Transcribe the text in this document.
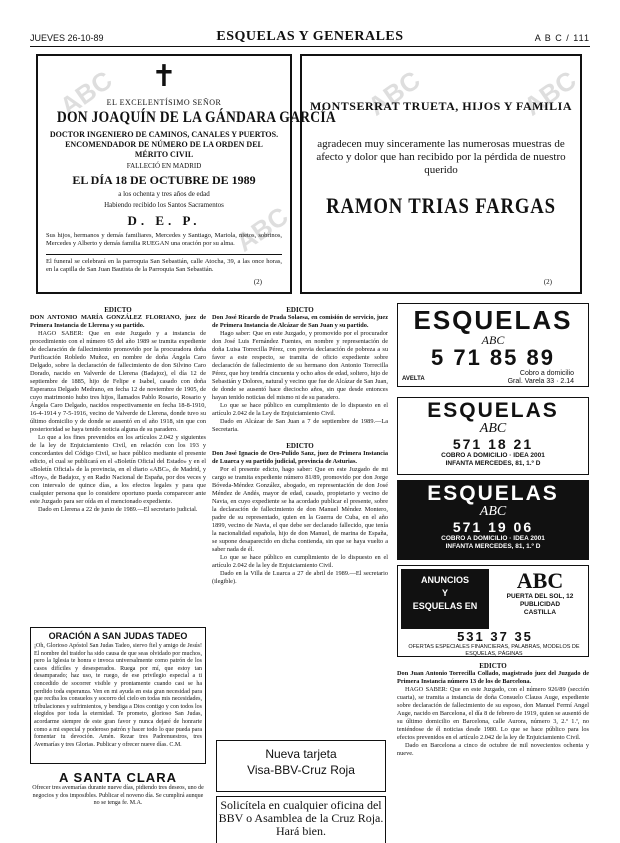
JUEVES 26-10-89	ESQUELAS Y GENERALES	A B C / 111
✝
EL EXCELENTÍSIMO SEÑOR
DON JOAQUÍN DE LA GÁNDARA GARCÍA
DOCTOR INGENIERO DE CAMINOS, CANALES Y PUERTOS. ENCOMENDADOR DE NÚMERO DE LA ORDEN DEL MÉRITO CIVIL
FALLECIÓ EN MADRID
EL DÍA 18 DE OCTUBRE DE 1989
a los ochenta y tres años de edad
Habiendo recibido los Santos Sacramentos
D. E. P.
Sus hijos, hermanos y demás familiares, Mercedes y Santiago, Mariola, nietos, sobrinos, Mercedes y Alberto y demás familia RUEGAN una oración por su alma.
El funeral se celebrará en la parroquia San Sebastián, calle Atocha, 39, a las once horas, en la capilla de San Juan Bautista de la Parroquia San Sebastián.
(2)
ABC
ABC
MONTSERRAT TRUETA, HIJOS Y FAMILIA
agradecen muy sinceramente las numerosas muestras de afecto y dolor que han recibido por la pérdida de nuestro querido
RAMON TRIAS FARGAS
(2)
ABC	ABC
EDICTO
DON ANTONIO MARÍA GONZÁLEZ FLORIANO, juez de Primera Instancia de Llerena y su partido.

HAGO SABER: Que en este Juzgado y a instancia de procedimiento con el número 65 del año 1989 se tramita expediente de declaración de fallecimiento promovido por la procuradora doña Purificación Robledo Muñoz, en nombre de doña Ángela Caro Delgado, sobre la declaración de fallecimiento de don Silvino Caro Dorado, nacido en Valverde de Llerena (Badajoz), el día 12 de septiembre de 1885, hijo de Felipe e Isabel, casado con doña Esperanza Delgado Medrano, en fecha 12 de noviembre de 1905, de cuyo matrimonio hubo tres hijos, llamados Pablo Rosario, Rosario y Ángela Caro Delgado, nacidos respectivamente en fecha 18-8-1910, 16-4-1914 y 7-5-1916, vecino de Valverde de Llerena, donde tuvo su último domicilio y de donde se ausentó en el año 1918, sin que con posterioridad se haya tenido noticia alguna de su paradero.

Lo que a los fines prevenidos en los artículos 2.042 y siguientes de la ley de Enjuiciamiento Civil, en relación con los 193 y concordantes del Código Civil, se hace público mediante el presente edicto, el cual se publicará en el «Boletín Oficial del Estado» y en el «Boletín Oficial» de la provincia, en el diario «ABC», de Madrid, y «Hoy», de Badajoz, y en Radio Nacional de España, por dos veces y con intervalo de quince días, a los efectos legales y para que cualquier persona que lo considere oportuno pueda comparecer ante este Juzgado para ser oída en el mencionado expediente.

Dado en Llerena a 22 de junio de 1989.—El secretario judicial.

ORACIÓN A SAN JUDAS TADEO
¡Oh, Glorioso Apóstol San Judas Tadeo, siervo fiel y amigo de Jesús! El nombre del traidor ha sido causa de que seas olvidado por muchos, pero la Iglesia te honra e invoca universalmente como patrón de los casos difíciles y desesperados. Ruega por mí, que estoy tan desamparado; haz uso, te ruego, de ese privilegio especial a ti concedido de socorrer visible y prontamente cuando casi se ha perdido toda esperanza. Ven en mi ayuda en esta gran necesidad para que reciba los consuelos y socorro del cielo en todas mis necesidades, tribulaciones y sufrimientos, y bendiga a Dios contigo y con todos los elegidos por toda la eternidad. Te prometo, glorioso San Judas, acordarme siempre de este gran favor y nunca dejaré de honrarte como a mi especial y poderoso patrón y hacer todo lo que pueda para fomentar tu devoción. Amén. Rezar tres Padrenuestros, tres Avemarías y tres Glorias. Publicar y ofrecer nueve días. C.M.
A SANTA CLARA
Ofrecer tres avemarías durante nueve días, pidiendo tres deseos, uno de negocios y dos imposibles. Publicar el noveno día. Se cumplirá aunque no se tenga fe. M.A.
EDICTO
Don José Ricardo de Prada Solaesa, en comisión de servicio, juez de Primera Instancia de Alcázar de San Juan y su partido.

Hago saber: Que en este Juzgado, y promovido por el procurador don José Luis Fernández Fuentes, en nombre y representación de doña Luisa Torrecilla Pérez, con previa declaración de pobreza a su favor a este respecto, se tramita de oficio expediente sobre declaración de fallecimiento de su hermano don Antonio Torrecilla Pérez, que hoy tendría cincuenta y ocho años de edad, soltero, hijo de Sebastián y Dolores, natural y vecino que fue de Alcázar de San Juan, de donde se ausentó hace dieciocho años, sin que desde entonces hayan tenido noticias del mismo ni de su paradero.

Lo que se hace público en cumplimiento de lo dispuesto en el artículo 2.042 de la Ley de Enjuiciamiento Civil.

Dado en Alcázar de San Juan a 7 de septiembre de 1989.—La Secretaria.

EDICTO
Don José Ignacio de Oro-Pulido Sanz, juez de Primera Instancia de Luarca y su partido judicial, provincia de Asturias.

Por el presente edicto, hago saber: Que en este Juzgado de mi cargo se tramita expediente número 81/89, promovido por don Jorge Bóveda-Méndez González, abogado, en representación de don José Méndez de Andés, mayor de edad, casado, propietario y vecino de Navia, en cuyo expediente se ha acordado publicar el presente, sobre la declaración de fallecimiento de don Manuel Méndez Montero, padre de su representado, quien en la Guerra de Cuba, en el año 1899, vecino de Navia, el que debe ser declarado fallecido, que tenía la nacionalidad española, hijo de don Manuel, de marina de España, se supone desaparecido en dicha contienda, sin que se haya vuelto a saber nada de él.

Lo que se hace público en cumplimiento de lo dispuesto en el artículo 2.042 de la ley de Enjuiciamiento Civil.

Dado en la Villa de Luarca a 27 de abril de 1989.—El secretario (ilegible).

Nueva tarjeta
Visa-BBV-Cruz Roja
Solicítela en cualquier oficina del BBV o Asamblea de la Cruz Roja. Hará bien.
ESQUELAS
ABC
5 71 85 89
Cobro a domicilio
Gral. Varela 33 · 2.14
AVELTA
ESQUELAS
ABC
571 18 21
COBRO A DOMICILIO · IDEA 2001
INFANTA MERCEDES, 81, 1.º D
ESQUELAS
ABC
571 19 06
COBRO A DOMICILIO · IDEA 2001
INFANTA MERCEDES, 81, 1.º D
ANUNCIOS
Y
ESQUELAS EN
ABC
PUERTA DEL SOL, 12
PUBLICIDAD
CASTILLA
531 37 35
OFERTAS ESPECIALES FINANCIERAS, PALABRAS, MODELOS DE ESQUELAS, PÁGINAS
EDICTO
Don Juan Antonio Torrecilla Collado, magistrado juez del Juzgado de Primera Instancia número 13 de los de Barcelona.

HAGO SABER: Que en este Juzgado, con el número 926/89 (sección cuarta), se tramita a instancia de doña Consuelo Clauss Auge, expediente sobre declaración de fallecimiento de su esposo, don Manuel Fermí Angel Auge, nacido en Barcelona, el día 8 de febrero de 1919, quien se ausentó de su último domicilio en Barcelona, calle Aurora, número 3, 2.º 1.ª, no teniéndose de él noticias desde 1980. Lo que se hace público para los efectos prevenidos en el artículo 2.042 de la ley de Enjuiciamiento Civil.

Dado en Barcelona a cinco de octubre de mil novecientos ochenta y nueve.
